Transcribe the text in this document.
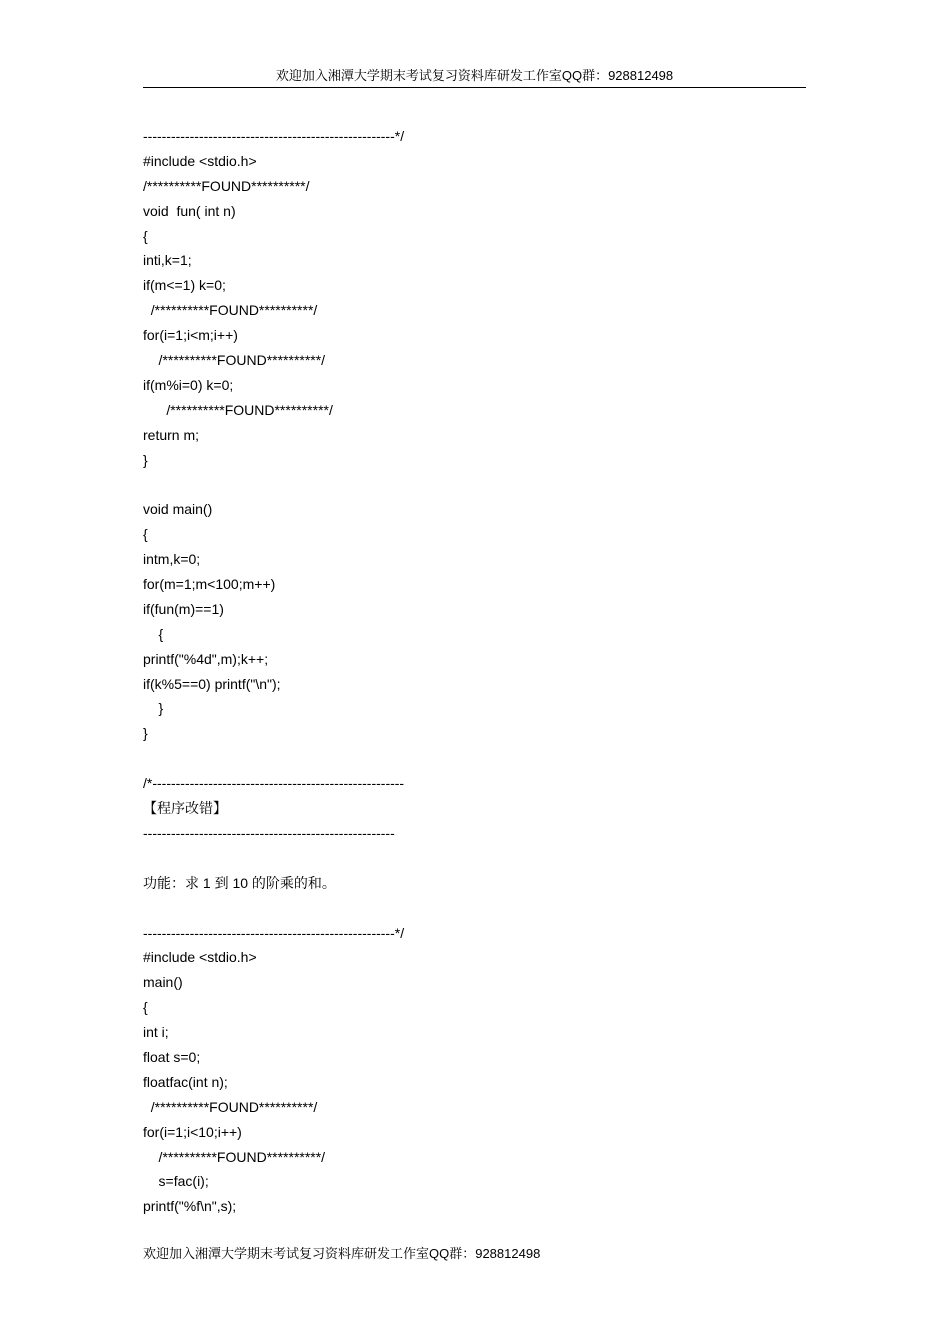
欢迎加入湘潭大学期末考试复习资料库研发工作室QQ群：928812498
------------------------------------------------------*/
#include <stdio.h>
/**********FOUND**********/
void  fun( int n)
{
inti,k=1;
if(m<=1) k=0;
/**********FOUND**********/
for(i=1;i<m;i++)
/**********FOUND**********/
if(m%i=0) k=0;
/**********FOUND**********/
return m;
}
void main()
{
intm,k=0;
for(m=1;m<100;m++)
if(fun(m)==1)
{
printf("%4d",m);k++;
if(k%5==0) printf("\n");
}
}
/*------------------------------------------------------
【程序改错】
------------------------------------------------------
功能：求 1 到 10 的阶乘的和。
------------------------------------------------------*/
#include <stdio.h>
main()
{
int i;
float s=0;
floatfac(int n);
/**********FOUND**********/
for(i=1;i<10;i++)
/**********FOUND**********/
s=fac(i);
printf("%f\n",s);
欢迎加入湘潭大学期末考试复习资料库研发工作室QQ群：928812498
